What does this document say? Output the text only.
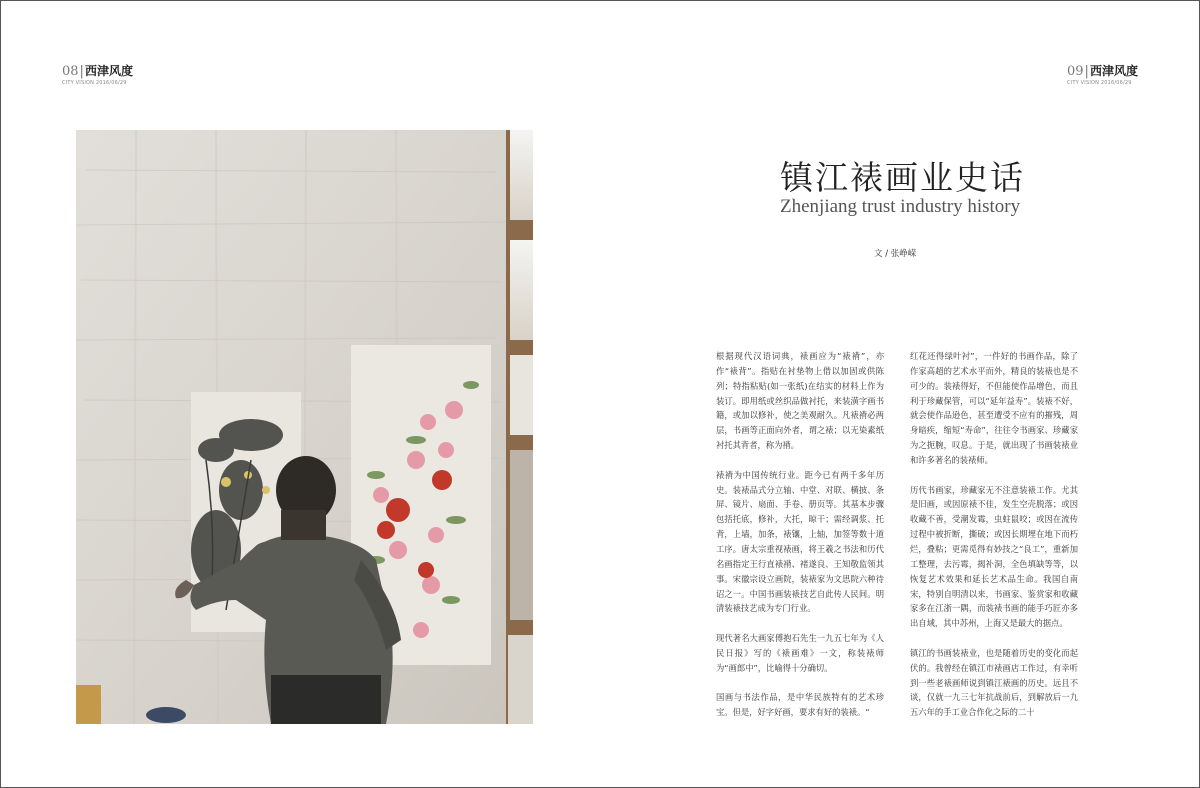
08 | 西津风度
CITY VISION 2016/06/29
09 | 西津风度
CITY VISION 2016/06/29
镇江裱画业史话
Zhenjiang trust industry history
文 / 张峥嵘

根据现代汉语词典，裱画应为“裱褙”，亦作“裱背”。指贴在衬垫物上借以加固或供陈列；特指粘贴(如一张纸)在结实的材料上作为装订。即用纸或丝织品做衬托，来装潢字画书籍，或加以修补，使之美观耐久。凡裱褙必两层，书画等正面向外者，谓之裱；以无染素纸衬托其背者，称为褙。

裱褙为中国传统行业。距今已有两千多年历史。装裱品式分立轴、中堂、对联、横披、条屏、镜片、扇面、手卷、册页等。其基本步骤包括托底，修补，大托，晾干；需经调浆、托背，上墙，加条，裱镶，上轴，加签等数十道工序。唐太宗重视裱画，将王羲之书法和历代名画指定王行直裱褙、褚遂良、王知敬监领其事。宋徽宗设立画院，装裱家为文思院六种待诏之一。中国书画装裱技艺自此传人民间。明清装裱技艺成为专门行业。

现代著名大画家傅抱石先生一九五七年为《人民日报》写的《裱画难》一文，称装裱师为“画郎中”，比喻得十分确切。

国画与书法作品，是中华民族特有的艺术珍宝。但是，好字好画，要求有好的装裱。“

红花还得绿叶衬”，一件好的书画作品，除了作家高超的艺术水平而外，精良的装裱也是不可少的。装裱得好，不但能使作品增色，而且利于珍藏保管，可以“延年益寿”。装裱不好，就会使作品逊色，甚至遭受不应有的摧残，周身暗疾，缩短“寿命”，往往令书画家、珍藏家为之扼腕，叹息。于是，就出现了书画装裱业和许多著名的装裱师。

历代书画家，珍藏家无不注意装裱工作。尤其是旧画，或因原裱不佳，发生空壳脱落；或因收藏不善，受潮发霉，虫蛀鼠咬；或因在流传过程中被折断，撕破；或因长期埋在地下而朽烂，叠粘；更需觅得有妙技之“良工”，重新加工整理，去污霉，揭补洞，全色填缺等等，以恢复艺术效果和延长艺术品生命。我国自南宋，特别自明清以来，书画家、鉴赏家和收藏家多在江浙一隅，而装裱书画的能手巧匠亦多出自域，其中苏州，上海又是最大的据点。

镇江的书画装裱业，也是随着历史的变化而起伏的。我曾经在镇江市裱画店工作过，有幸听到一些老裱画师说到镇江裱画的历史。远且不谈，仅就一九三七年抗战前后，到解放后一九五六年的手工业合作化之际的二十
